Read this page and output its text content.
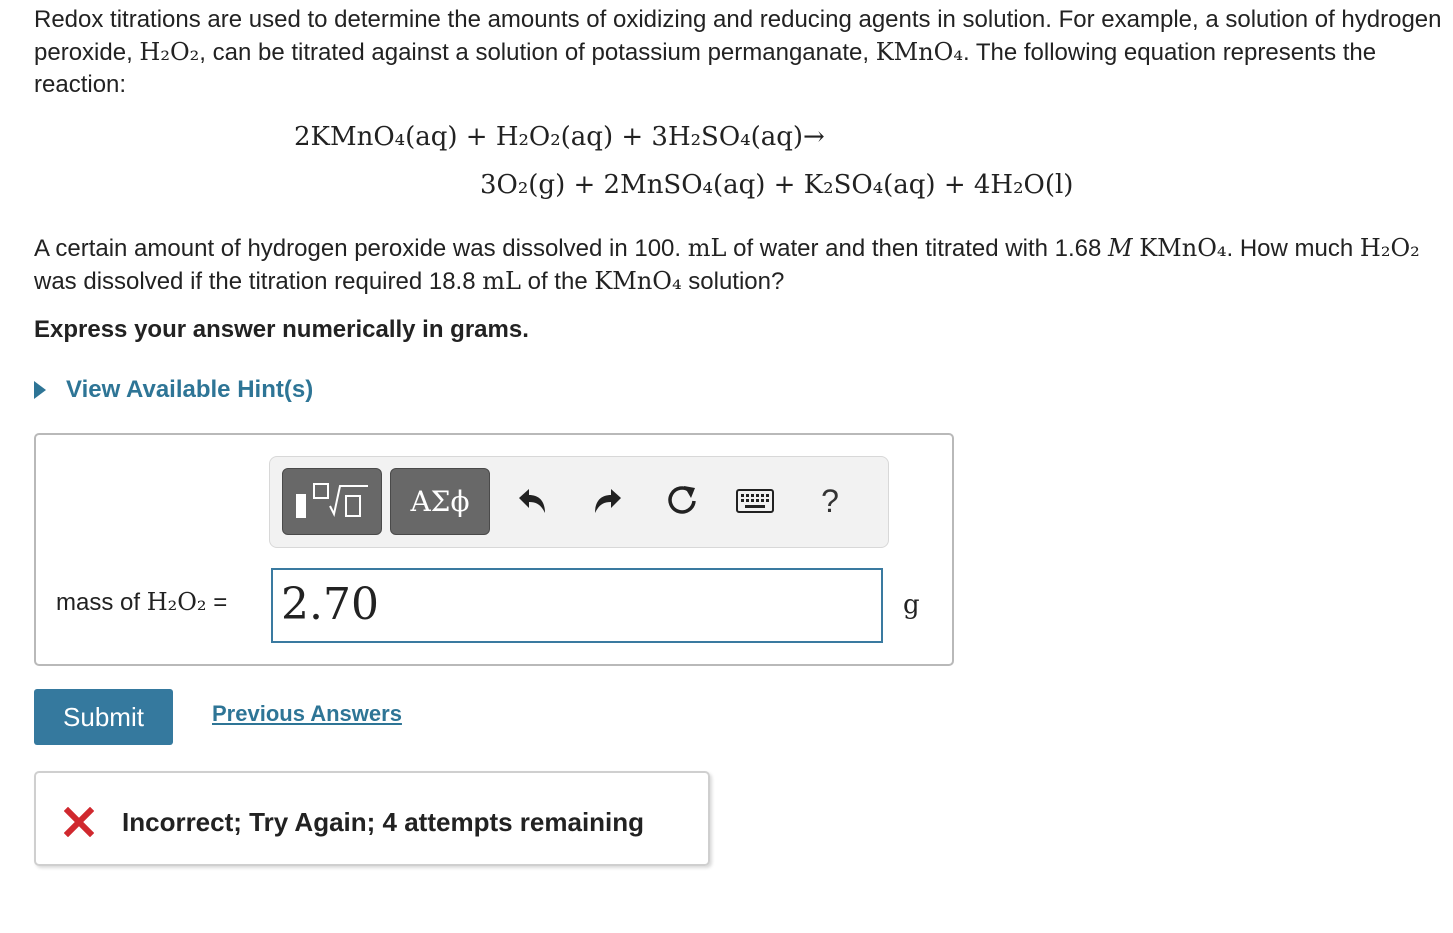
Redox titrations are used to determine the amounts of oxidizing and reducing agents in solution. For example, a solution of hydrogen peroxide, H₂O₂, can be titrated against a solution of potassium permanganate, KMnO₄. The following equation represents the reaction:
2KMnO₄(aq) + H₂O₂(aq) + 3H₂SO₄(aq)→
3O₂(g) + 2MnSO₄(aq) + K₂SO₄(aq) + 4H₂O(l)
A certain amount of hydrogen peroxide was dissolved in 100. mL of water and then titrated with 1.68 M KMnO₄. How much H₂O₂ was dissolved if the titration required 18.8 mL of the KMnO₄ solution?
Express your answer numerically in grams.
View Available Hint(s)
ΑΣϕ	?
mass of H₂O₂ = 2.70	g
Submit	Previous Answers
Incorrect; Try Again; 4 attempts remaining
